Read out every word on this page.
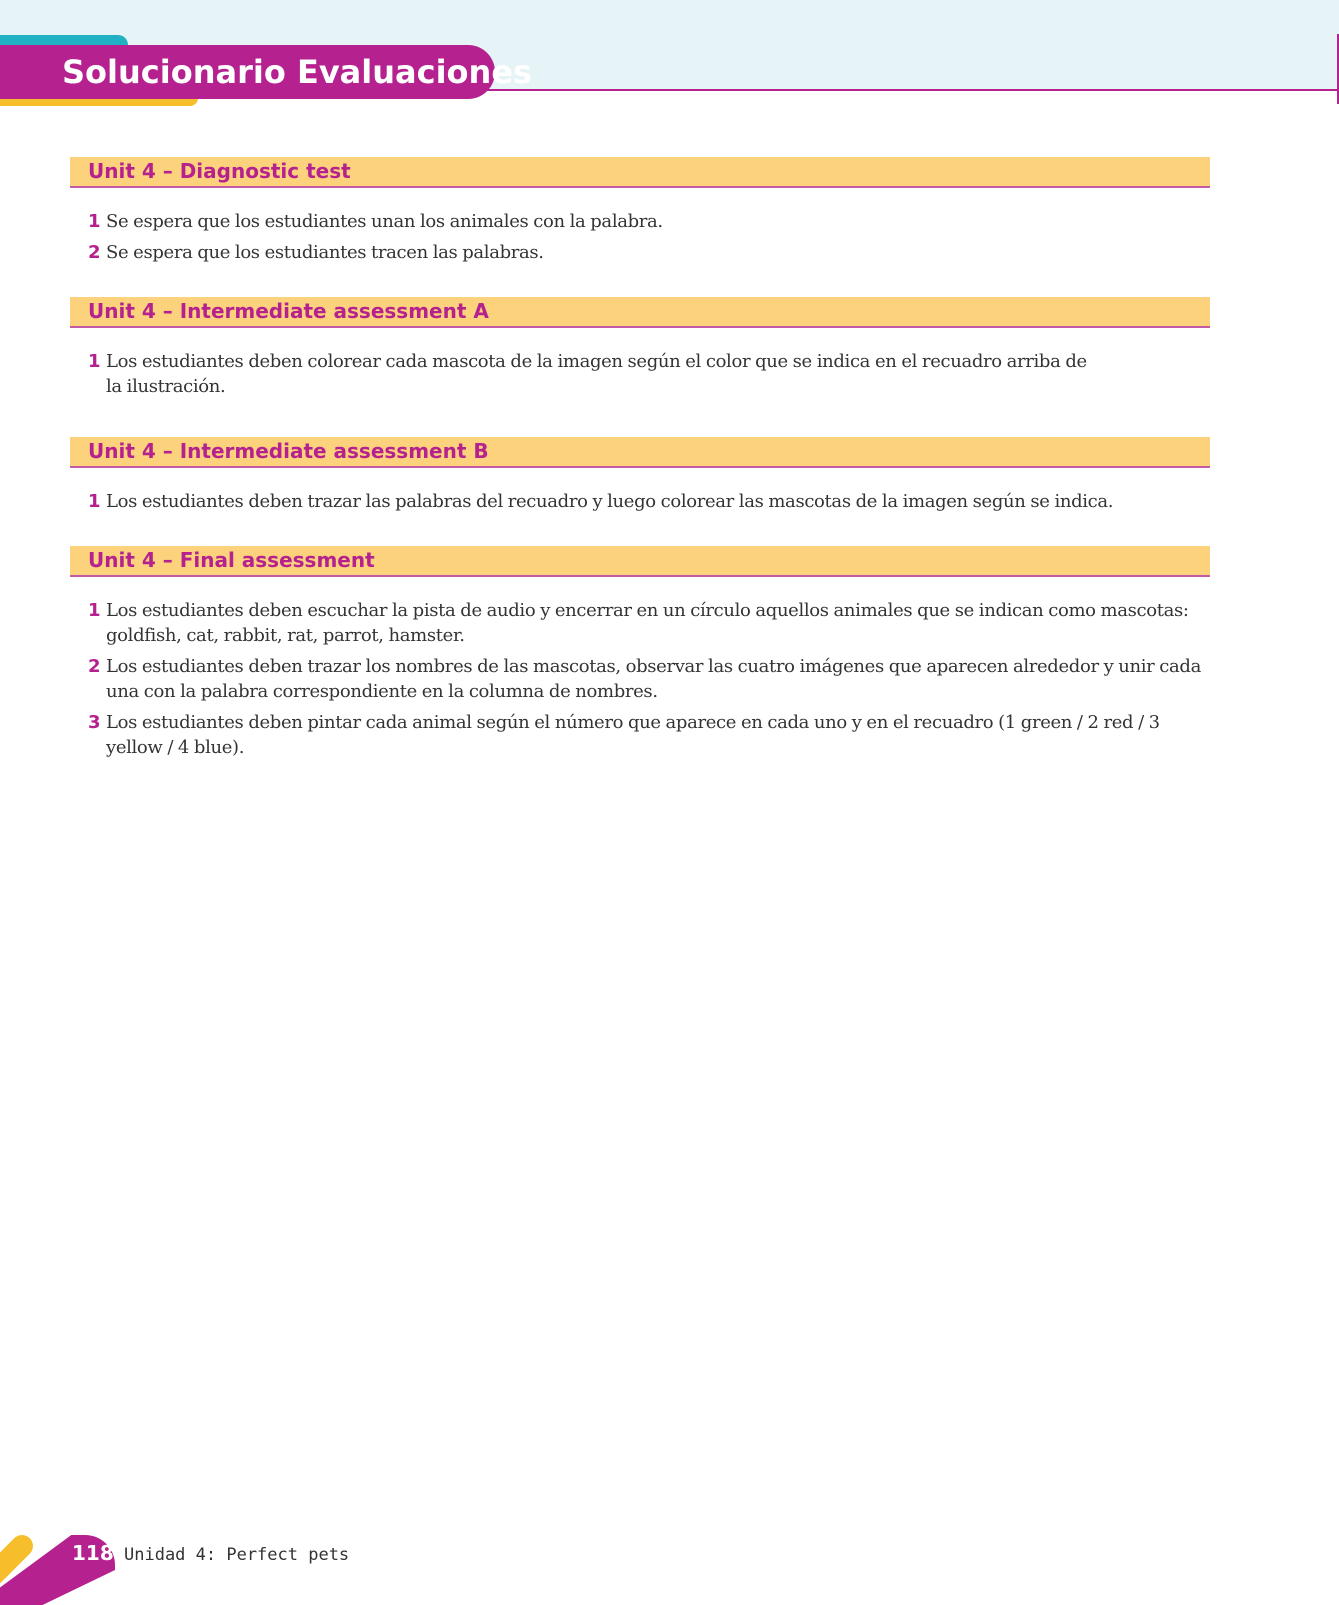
Solucionario Evaluaciones
Unit 4 – Diagnostic test
1 Se espera que los estudiantes unan los animales con la palabra.
2 Se espera que los estudiantes tracen las palabras.
Unit 4 – Intermediate assessment A
1 Los estudiantes deben colorear cada mascota de la imagen según el color que se indica en el recuadro arriba de la ilustración.
Unit 4 – Intermediate assessment B
1 Los estudiantes deben trazar las palabras del recuadro y luego colorear las mascotas de la imagen según se indica.
Unit 4 – Final assessment
1 Los estudiantes deben escuchar la pista de audio y encerrar en un círculo aquellos animales que se indican como mascotas: goldfish, cat, rabbit, rat, parrot, hamster.
2 Los estudiantes deben trazar los nombres de las mascotas, observar las cuatro imágenes que aparecen alrededor y unir cada una con la palabra correspondiente en la columna de nombres.
3 Los estudiantes deben pintar cada animal según el número que aparece en cada uno y en el recuadro (1 green / 2 red / 3 yellow / 4 blue).
118 Unidad 4: Perfect pets
